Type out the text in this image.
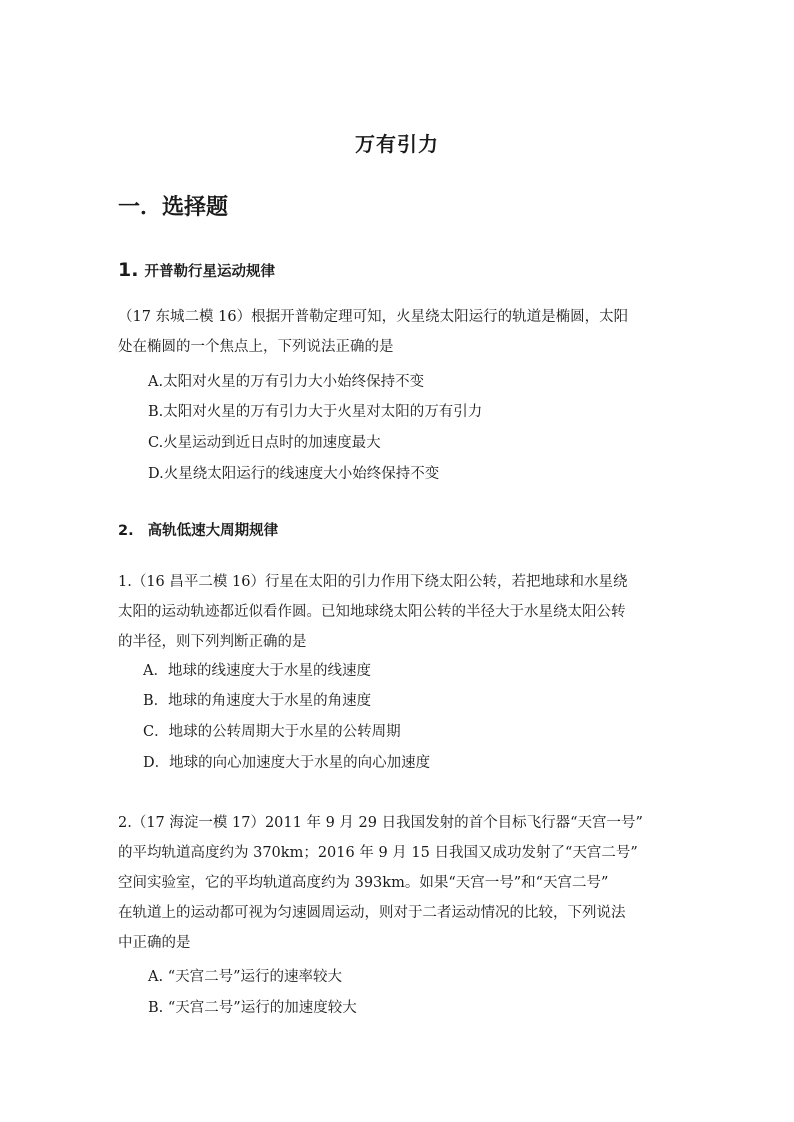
万有引力
一．选择题
1. 开普勒行星运动规律
（17 东城二模 16）根据开普勒定理可知，火星绕太阳运行的轨道是椭圆，太阳
处在椭圆的一个焦点上，下列说法正确的是
A.太阳对火星的万有引力大小始终保持不变
B.太阳对火星的万有引力大于火星对太阳的万有引力
C.火星运动到近日点时的加速度最大
D.火星绕太阳运行的线速度大小始终保持不变
2. 高轨低速大周期规律
1.（16 昌平二模 16）行星在太阳的引力作用下绕太阳公转，若把地球和水星绕
太阳的运动轨迹都近似看作圆。已知地球绕太阳公转的半径大于水星绕太阳公转
的半径，则下列判断正确的是
A．地球的线速度大于水星的线速度
B．地球的角速度大于水星的角速度
C．地球的公转周期大于水星的公转周期
D．地球的向心加速度大于水星的向心加速度
2.（17 海淀一模 17）2011 年 9 月 29 日我国发射的首个目标飞行器“天宫一号”
的平均轨道高度约为 370km；2016 年 9 月 15 日我国又成功发射了“天宫二号”
空间实验室，它的平均轨道高度约为 393km。如果“天宫一号”和“天宫二号”
在轨道上的运动都可视为匀速圆周运动，则对于二者运动情况的比较，下列说法
中正确的是
A. “天宫二号”运行的速率较大
B. “天宫二号”运行的加速度较大
